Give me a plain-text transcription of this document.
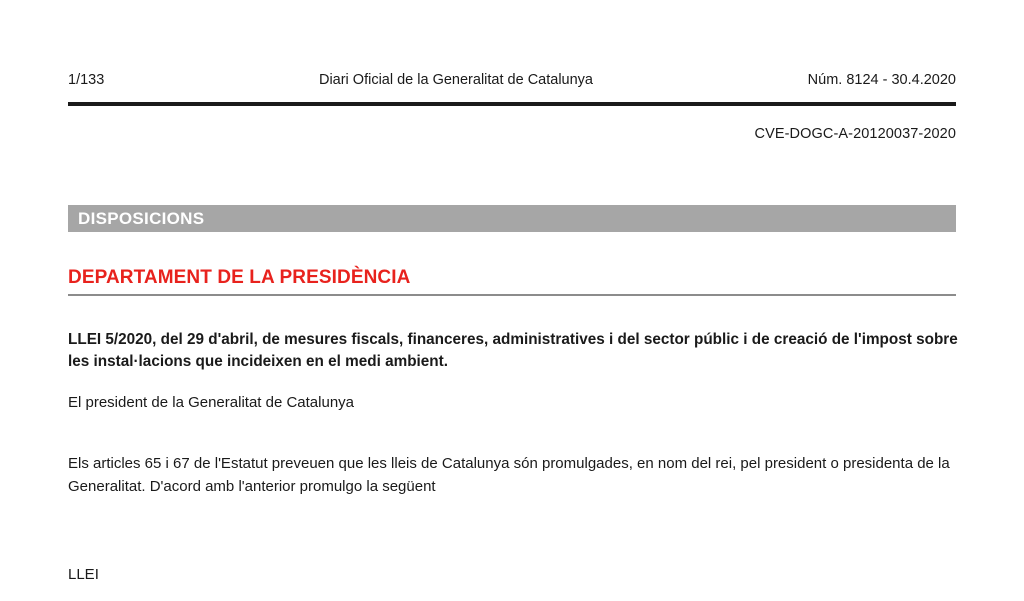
1/133	Diari Oficial de la Generalitat de Catalunya	Núm. 8124 - 30.4.2020
CVE-DOGC-A-20120037-2020
DISPOSICIONS
DEPARTAMENT DE LA PRESIDÈNCIA
LLEI 5/2020, del 29 d'abril, de mesures fiscals, financeres, administratives i del sector públic i de creació de l'impost sobre les instal·lacions que incideixen en el medi ambient.
El president de la Generalitat de Catalunya
Els articles 65 i 67 de l'Estatut preveuen que les lleis de Catalunya són promulgades, en nom del rei, pel president o presidenta de la Generalitat. D'acord amb l'anterior promulgo la següent
LLEI
